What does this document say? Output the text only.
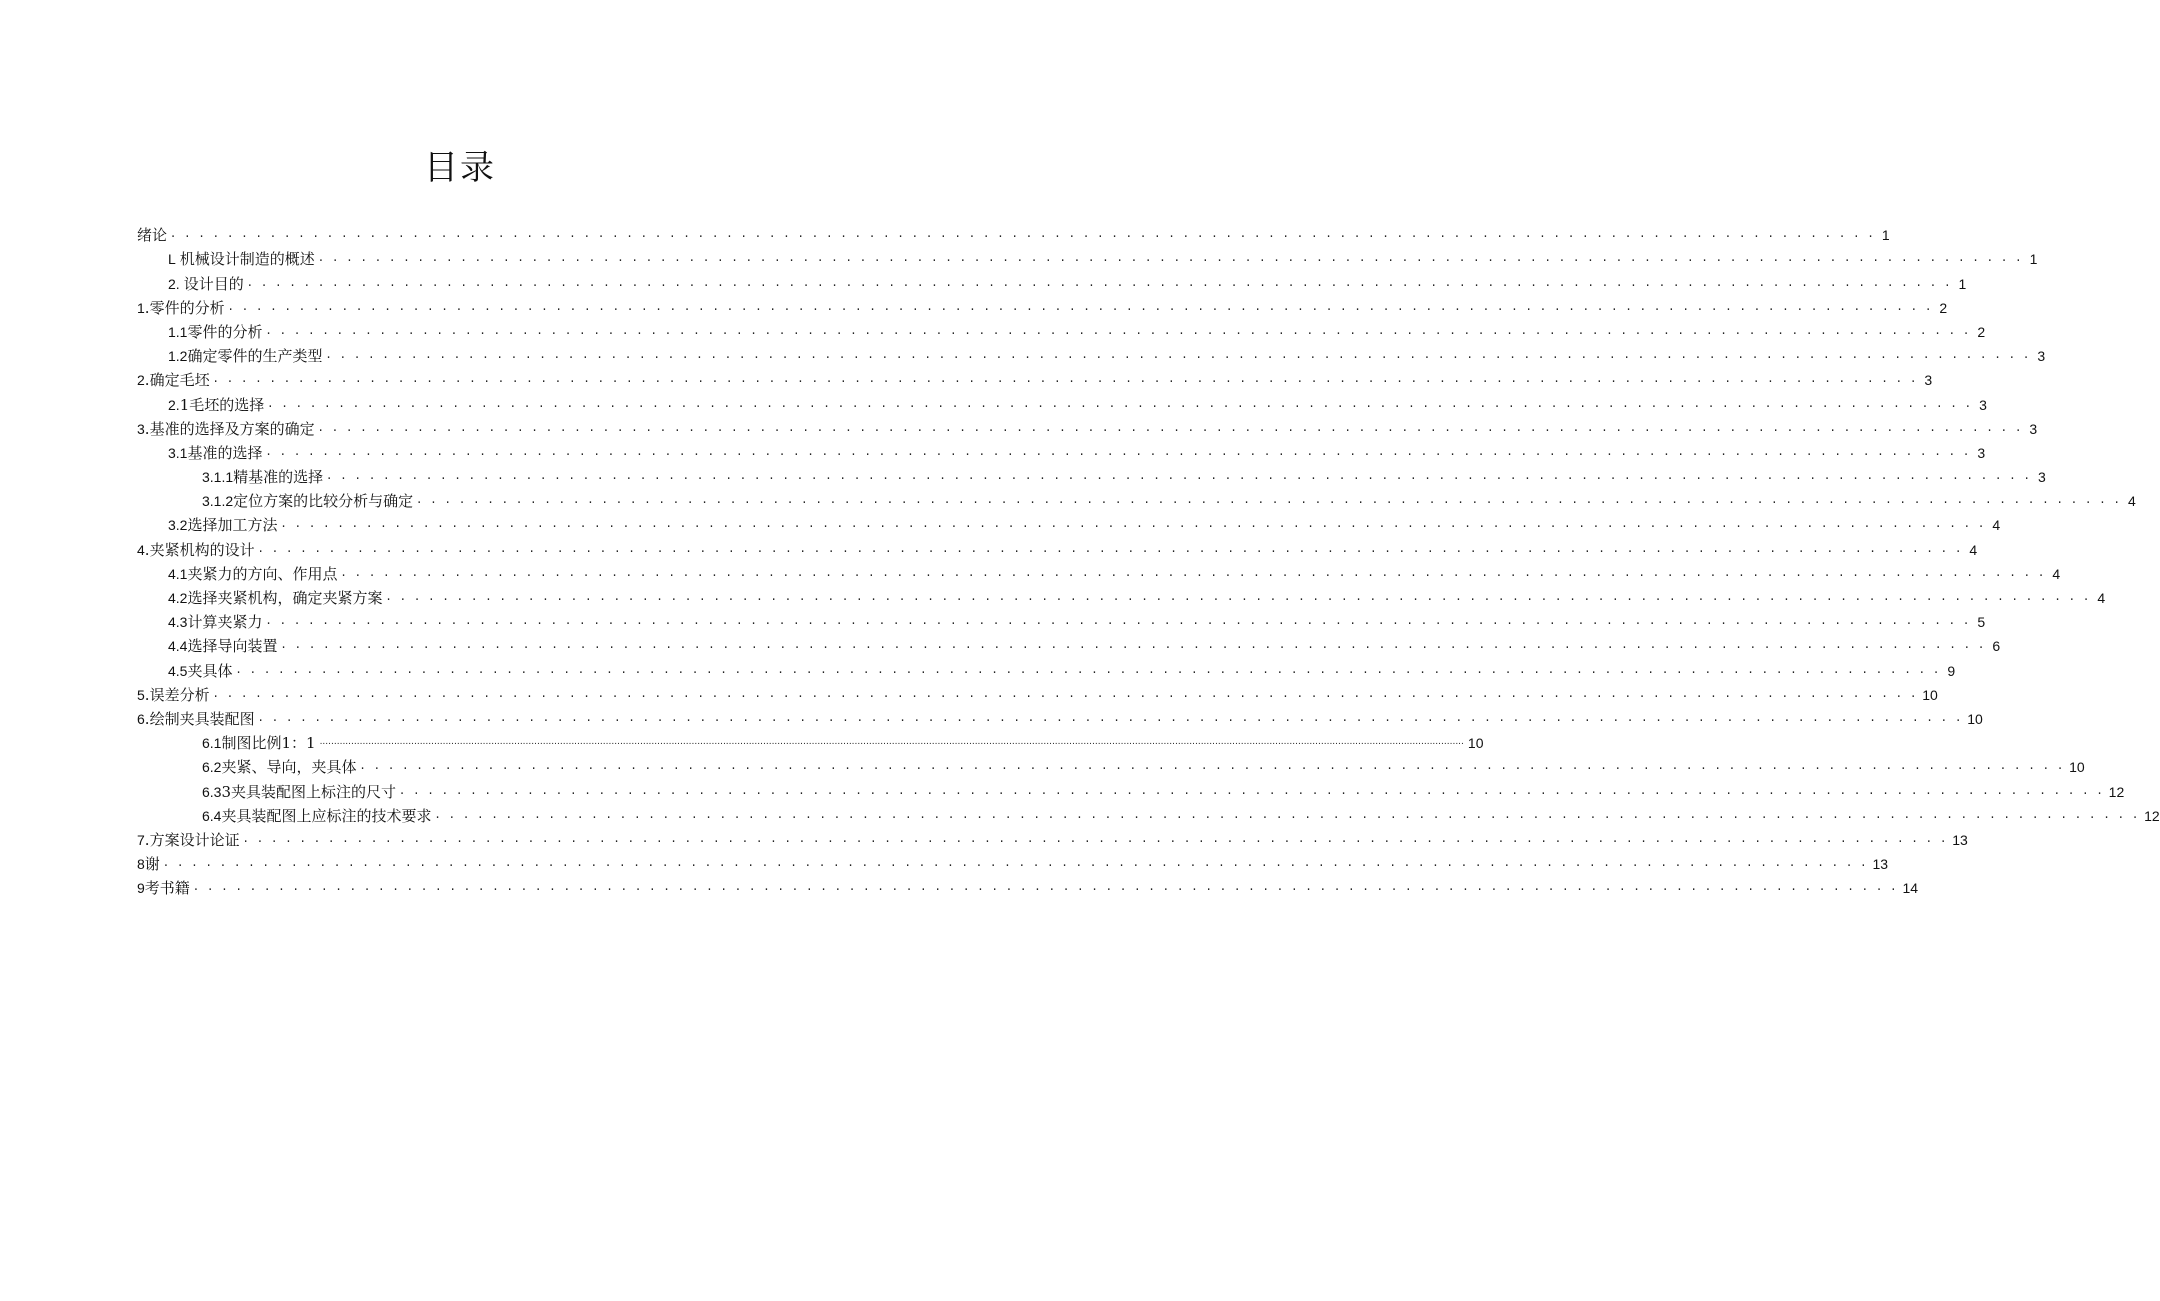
目录
绪论 . . . . . . . . . . . . . . . . . . . . . . . . . . . . . . . . . . . . . . . . . . . . . . . . . . . . . . . . . . . . . . . . . . . . . . . . . . . . . . . . . . . . . . . . . . . . . . . . . . . . . . . . . . . . . . . . . . . . . . . . 1
L 机械设计制造的概述 . . . . . . . . . . . . . . . . . . . . . . . . . . . . . . . . . . . . . . . . . . . . . . . . . . . . . . . . . . . . . . . . . . . . . . . . . . . . . . . . . . . . . . . . . . . . . . . . . . . . . . . . . . . . . . . . . . . . . . . . 1
2. 设计目的 . . . . . . . . . . . . . . . . . . . . . . . . . . . . . . . . . . . . . . . . . . . . . . . . . . . . . . . . . . . . . . . . . . . . . . . . . . . . . . . . . . . . . . . . . . . . . . . . . . . . . . . . . . . . . . . . . . . . . . . . 1
1 .零件的分析 . . . . . . . . . . . . . . . . . . . . . . . . . . . . . . . . . . . . . . . . . . . . . . . . . . . . . . . . . . . . . . . . . . . . . . . . . . . . . . . . . . . . . . . . . . . . . . . . . . . . . . . . . . . . . . . . . . . . . . . . 2
1.1 零件的分析 . . . . . . . . . . . . . . . . . . . . . . . . . . . . . . . . . . . . . . . . . . . . . . . . . . . . . . . . . . . . . . . . . . . . . . . . . . . . . . . . . . . . . . . . . . . . . . . . . . . . . . . . . . . . . . . . . . . . . . . . 2
1.2 确定零件的生产类型 . . . . . . . . . . . . . . . . . . . . . . . . . . . . . . . . . . . . . . . . . . . . . . . . . . . . . . . . . . . . . . . . . . . . . . . . . . . . . . . . . . . . . . . . . . . . . . . . . . . . . . . . . . . . . . . . . . . . . . . . 3
2 .确定毛坯 . . . . . . . . . . . . . . . . . . . . . . . . . . . . . . . . . . . . . . . . . . . . . . . . . . . . . . . . . . . . . . . . . . . . . . . . . . . . . . . . . . . . . . . . . . . . . . . . . . . . . . . . . . . . . . . . . . . . . . . . 3
2. 1毛坯的选择 . . . . . . . . . . . . . . . . . . . . . . . . . . . . . . . . . . . . . . . . . . . . . . . . . . . . . . . . . . . . . . . . . . . . . . . . . . . . . . . . . . . . . . . . . . . . . . . . . . . . . . . . . . . . . . . . . . . . . . . . 3
3 .基准的选择及方案的确定 . . . . . . . . . . . . . . . . . . . . . . . . . . . . . . . . . . . . . . . . . . . . . . . . . . . . . . . . . . . . . . . . . . . . . . . . . . . . . . . . . . . . . . . . . . . . . . . . . . . . . . . . . . . . . . . . . . . . . . . . 3
3.1 基准的选择 . . . . . . . . . . . . . . . . . . . . . . . . . . . . . . . . . . . . . . . . . . . . . . . . . . . . . . . . . . . . . . . . . . . . . . . . . . . . . . . . . . . . . . . . . . . . . . . . . . . . . . . . . . . . . . . . . . . . . . . . 3
3.1.1 精基准的选择 . . . . . . . . . . . . . . . . . . . . . . . . . . . . . . . . . . . . . . . . . . . . . . . . . . . . . . . . . . . . . . . . . . . . . . . . . . . . . . . . . . . . . . . . . . . . . . . . . . . . . . . . . . . . . . . . . . . . . . . . 3
3.1.2 定位方案的比较分析与确定 . . . . . . . . . . . . . . . . . . . . . . . . . . . . . . . . . . . . . . . . . . . . . . . . . . . . . . . . . . . . . . . . . . . . . . . . . . . . . . . . . . . . . . . . . . . . . . . . . . . . . . . . . . . . . . . . . . . . . . . . 4
3.2 选择加工方法 . . . . . . . . . . . . . . . . . . . . . . . . . . . . . . . . . . . . . . . . . . . . . . . . . . . . . . . . . . . . . . . . . . . . . . . . . . . . . . . . . . . . . . . . . . . . . . . . . . . . . . . . . . . . . . . . . . . . . . . . 4
4 .夹紧机构的设计 . . . . . . . . . . . . . . . . . . . . . . . . . . . . . . . . . . . . . . . . . . . . . . . . . . . . . . . . . . . . . . . . . . . . . . . . . . . . . . . . . . . . . . . . . . . . . . . . . . . . . . . . . . . . . . . . . . . . . . . . 4
4.1 夹紧力的方向、作用点 . . . . . . . . . . . . . . . . . . . . . . . . . . . . . . . . . . . . . . . . . . . . . . . . . . . . . . . . . . . . . . . . . . . . . . . . . . . . . . . . . . . . . . . . . . . . . . . . . . . . . . . . . . . . . . . . . . . . . . . . 4
4.2 选择夹紧机构，确定夹紧方案 . . . . . . . . . . . . . . . . . . . . . . . . . . . . . . . . . . . . . . . . . . . . . . . . . . . . . . . . . . . . . . . . . . . . . . . . . . . . . . . . . . . . . . . . . . . . . . . . . . . . . . . . . . . . . . . . . . . . . . . . 4
4.3 计算夹紧力 . . . . . . . . . . . . . . . . . . . . . . . . . . . . . . . . . . . . . . . . . . . . . . . . . . . . . . . . . . . . . . . . . . . . . . . . . . . . . . . . . . . . . . . . . . . . . . . . . . . . . . . . . . . . . . . . . . . . . . . . 5
4.4 选择导向装置 . . . . . . . . . . . . . . . . . . . . . . . . . . . . . . . . . . . . . . . . . . . . . . . . . . . . . . . . . . . . . . . . . . . . . . . . . . . . . . . . . . . . . . . . . . . . . . . . . . . . . . . . . . . . . . . . . . . . . . . . 6
4.5 夹具体 . . . . . . . . . . . . . . . . . . . . . . . . . . . . . . . . . . . . . . . . . . . . . . . . . . . . . . . . . . . . . . . . . . . . . . . . . . . . . . . . . . . . . . . . . . . . . . . . . . . . . . . . . . . . . . . . . . . . . . . . 9
5 .误差分析 . . . . . . . . . . . . . . . . . . . . . . . . . . . . . . . . . . . . . . . . . . . . . . . . . . . . . . . . . . . . . . . . . . . . . . . . . . . . . . . . . . . . . . . . . . . . . . . . . . . . . . . . . . . . . . . . . . . . . . . . 10
6 .绘制夹具装配图 . . . . . . . . . . . . . . . . . . . . . . . . . . . . . . . . . . . . . . . . . . . . . . . . . . . . . . . . . . . . . . . . . . . . . . . . . . . . . . . . . . . . . . . . . . . . . . . . . . . . . . . . . . . . . . . . . . . . . . . . 10
6.1 制图比例1：1 ................................................................................................................................................................................................................................................................................................................................................................................................................ 10
6.2 夹紧、导向，夹具体 . . . . . . . . . . . . . . . . . . . . . . . . . . . . . . . . . . . . . . . . . . . . . . . . . . . . . . . . . . . . . . . . . . . . . . . . . . . . . . . . . . . . . . . . . . . . . . . . . . . . . . . . . . . . . . . . . . . . . . . . 10
6.3 3夹具装配图上标注的尺寸 . . . . . . . . . . . . . . . . . . . . . . . . . . . . . . . . . . . . . . . . . . . . . . . . . . . . . . . . . . . . . . . . . . . . . . . . . . . . . . . . . . . . . . . . . . . . . . . . . . . . . . . . . . . . . . . . . . . . . . . . 12
6.4 夹具装配图上应标注的技术要求 . . . . . . . . . . . . . . . . . . . . . . . . . . . . . . . . . . . . . . . . . . . . . . . . . . . . . . . . . . . . . . . . . . . . . . . . . . . . . . . . . . . . . . . . . . . . . . . . . . . . . . . . . . . . . . . . . . . . . . . . 12
7 .方案设计论证 . . . . . . . . . . . . . . . . . . . . . . . . . . . . . . . . . . . . . . . . . . . . . . . . . . . . . . . . . . . . . . . . . . . . . . . . . . . . . . . . . . . . . . . . . . . . . . . . . . . . . . . . . . . . . . . . . . . . . . . . 13
8 谢 . . . . . . . . . . . . . . . . . . . . . . . . . . . . . . . . . . . . . . . . . . . . . . . . . . . . . . . . . . . . . . . . . . . . . . . . . . . . . . . . . . . . . . . . . . . . . . . . . . . . . . . . . . . . . . . . . . . . . . . . 13
9 考书籍 . . . . . . . . . . . . . . . . . . . . . . . . . . . . . . . . . . . . . . . . . . . . . . . . . . . . . . . . . . . . . . . . . . . . . . . . . . . . . . . . . . . . . . . . . . . . . . . . . . . . . . . . . . . . . . . . . . . . . . . . 14
